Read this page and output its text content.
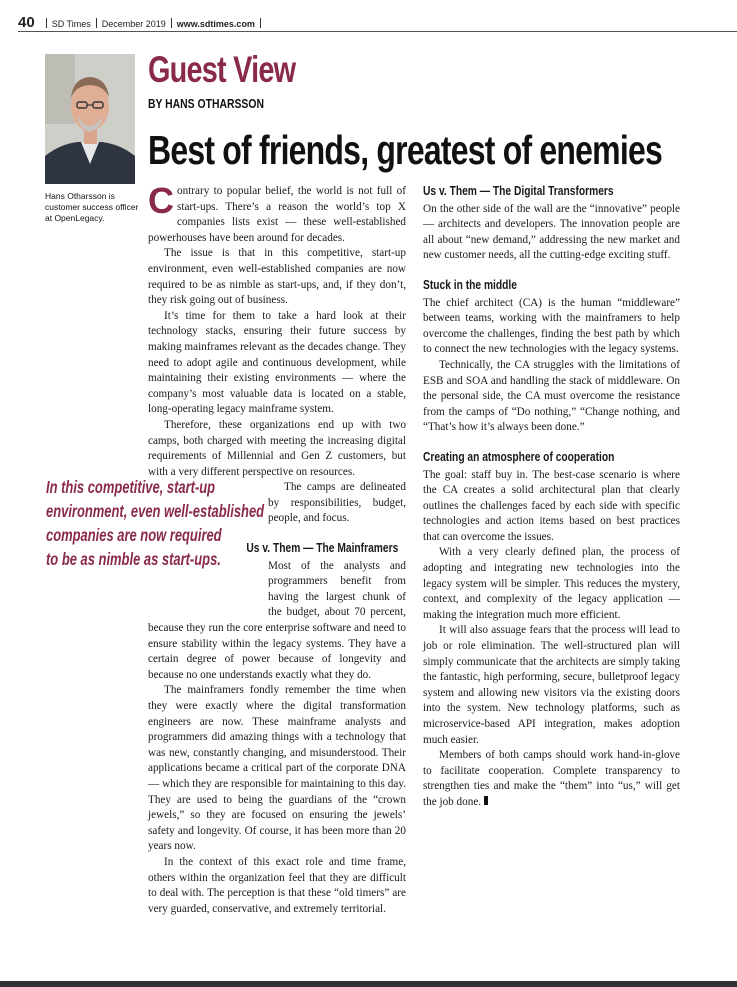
40 SD Times December 2019 www.sdtimes.com
Hans Otharsson is customer success officer at OpenLegacy.
Guest View
BY HANS OTHARSSON
Best of friends, greatest of enemies

Contrary to popular belief, the world is not full of start-ups. There’s a reason the world’s top X companies lists exist — these well-established powerhouses have been around for decades.

The issue is that in this competitive, start-up environment, even well-established companies are now required to be as nimble as start-ups, and, if they don’t, they risk going out of business.

It’s time for them to take a hard look at their technology stacks, ensuring their future success by making mainframes relevant as the decades change. They need to adopt agile and continuous development, while maintaining their existing environments — where the company’s most valuable data is located on a stable, long-operating legacy mainframe system.

Therefore, these organizations end up with two camps, both charged with meeting the increasing digital requirements of Millennial and Gen Z customers, but with a very different perspective on resources.

The camps are delineated by responsibilities, budget, people, and focus.

Us v. Them — The Mainframers

Most of the analysts and programmers benefit from having the largest chunk of the budget, about 70 percent, because they run the core enterprise software and need to ensure stability within the legacy systems. They have a certain degree of power because of longevity and because no one understands exactly what they do.

The mainframers fondly remember the time when they were exactly where the digital transformation engineers are now. These mainframe analysts and programmers did amazing things with a technology that was new, constantly changing, and misunderstood. Their applications became a critical part of the corporate DNA — which they are responsible for maintaining to this day. They are used to being the guardians of the “crown jewels,” so they are focused on ensuring the jewels’ safety and longevity. Of course, it has been more than 20 years now.

In the context of this exact role and time frame, others within the organization feel that they are difficult to deal with. The perception is that these “old timers” are very guarded, conservative, and extremely territorial.

Us v. Them — The Digital Transformers

On the other side of the wall are the “innovative” people — architects and developers. The innovation people are all about “new demand,” addressing the new market and new customer needs, all the cutting-edge exciting stuff.

Stuck in the middle

The chief architect (CA) is the human “middleware” between teams, working with the mainframers to help overcome the challenges, finding the best path by which to connect the new technologies with the legacy systems.

Technically, the CA struggles with the limitations of ESB and SOA and handling the stack of middleware. On the personal side, the CA must overcome the resistance from the camps of “Do nothing,” “Change nothing, and “That’s how it’s always been done.”

Creating an atmosphere of cooperation

The goal: staff buy in. The best-case scenario is where the CA creates a solid architectural plan that clearly outlines the challenges faced by each side with specific technologies and action items based on best practices that can overcome the issues.

With a very clearly defined plan, the process of adopting and integrating new technologies into the legacy system will be simpler. This reduces the mystery, context, and complexity of the legacy application — making the integration much more efficient.

It will also assuage fears that the process will lead to job or role elimination. The well-structured plan will simply communicate that the architects are simply taking the fantastic, high performing, secure, bulletproof legacy system and allowing new visitors via the existing doors into the system. New technology platforms, such as microservice-based API integration, makes adoption much easier.

Members of both camps should work hand-in-glove to facilitate cooperation. Complete transparency to strengthen ties and make the “them” into “us,” will get the job done.

In this competitive, start-up
environment, even well-established
companies are now required
to be as nimble as start-ups.
